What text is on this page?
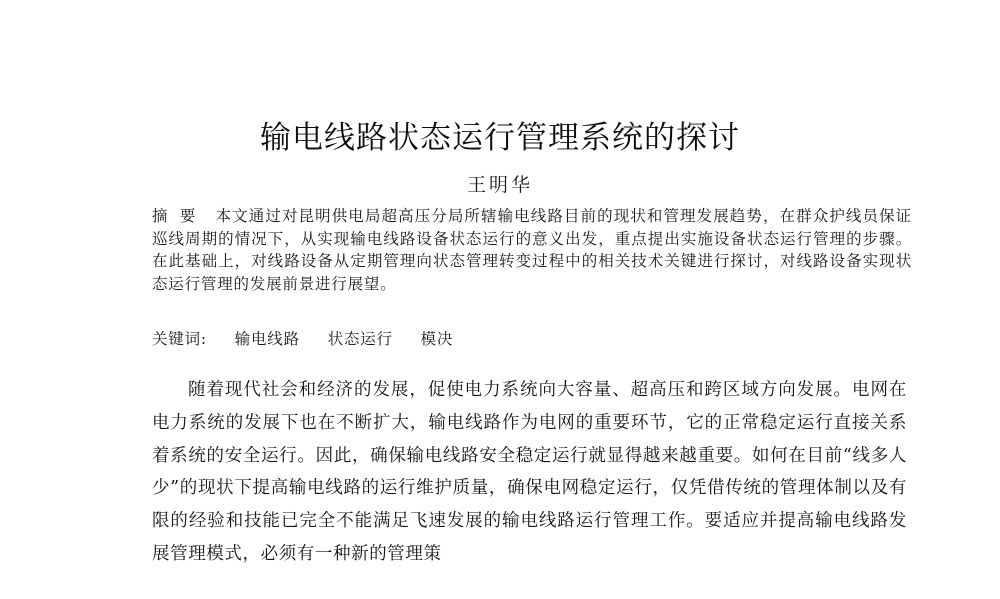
输电线路状态运行管理系统的探讨
王明华
摘要 本文通过对昆明供电局超高压分局所辖输电线路目前的现状和管理发展趋势，在群众护线员保证巡线周期的情况下，从实现输电线路设备状态运行的意义出发，重点提出实施设备状态运行管理的步骤。在此基础上，对线路设备从定期管理向状态管理转变过程中的相关技术关键进行探讨，对线路设备实现状态运行管理的发展前景进行展望。
关键词: 输电线路 状态运行 模决
随着现代社会和经济的发展，促使电力系统向大容量、超高压和跨区域方向发展。电网在电力系统的发展下也在不断扩大，输电线路作为电网的重要环节，它的正常稳定运行直接关系着系统的安全运行。因此，确保输电线路安全稳定运行就显得越来越重要。如何在目前“线多人少”的现状下提高输电线路的运行维护质量，确保电网稳定运行，仅凭借传统的管理体制以及有限的经验和技能已完全不能满足飞速发展的输电线路运行管理工作。要适应并提高输电线路发展管理模式，必须有一种新的管理策
